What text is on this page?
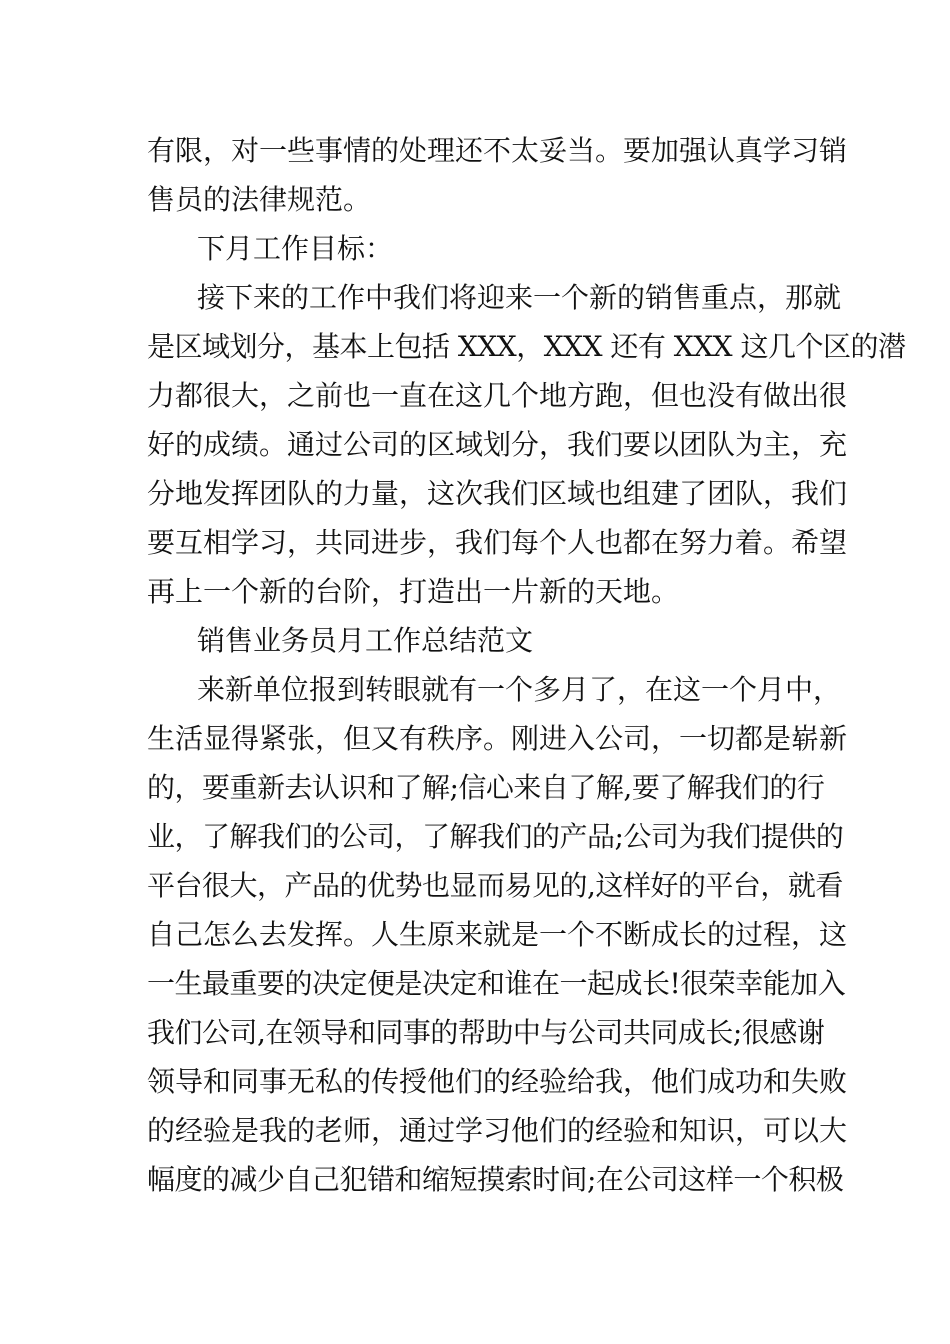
有限，对一些事情的处理还不太妥当。要加强认真学习销
售员的法律规范。
下月工作目标：
接下来的工作中我们将迎来一个新的销售重点，那就
是区域划分，基本上包括 XXX，XXX 还有 XXX 这几个区的潜
力都很大，之前也一直在这几个地方跑，但也没有做出很
好的成绩。通过公司的区域划分，我们要以团队为主，充
分地发挥团队的力量，这次我们区域也组建了团队，我们
要互相学习，共同进步，我们每个人也都在努力着。希望
再上一个新的台阶，打造出一片新的天地。
销售业务员月工作总结范文
来新单位报到转眼就有一个多月了，在这一个月中，
生活显得紧张，但又有秩序。刚进入公司，一切都是崭新
的，要重新去认识和了解;信心来自了解,要了解我们的行
业，了解我们的公司，了解我们的产品;公司为我们提供的
平台很大，产品的优势也显而易见的,这样好的平台，就看
自己怎么去发挥。人生原来就是一个不断成长的过程，这
一生最重要的决定便是决定和谁在一起成长!很荣幸能加入
我们公司,在领导和同事的帮助中与公司共同成长;很感谢
领导和同事无私的传授他们的经验给我，他们成功和失败
的经验是我的老师，通过学习他们的经验和知识，可以大
幅度的减少自己犯错和缩短摸索时间;在公司这样一个积极
